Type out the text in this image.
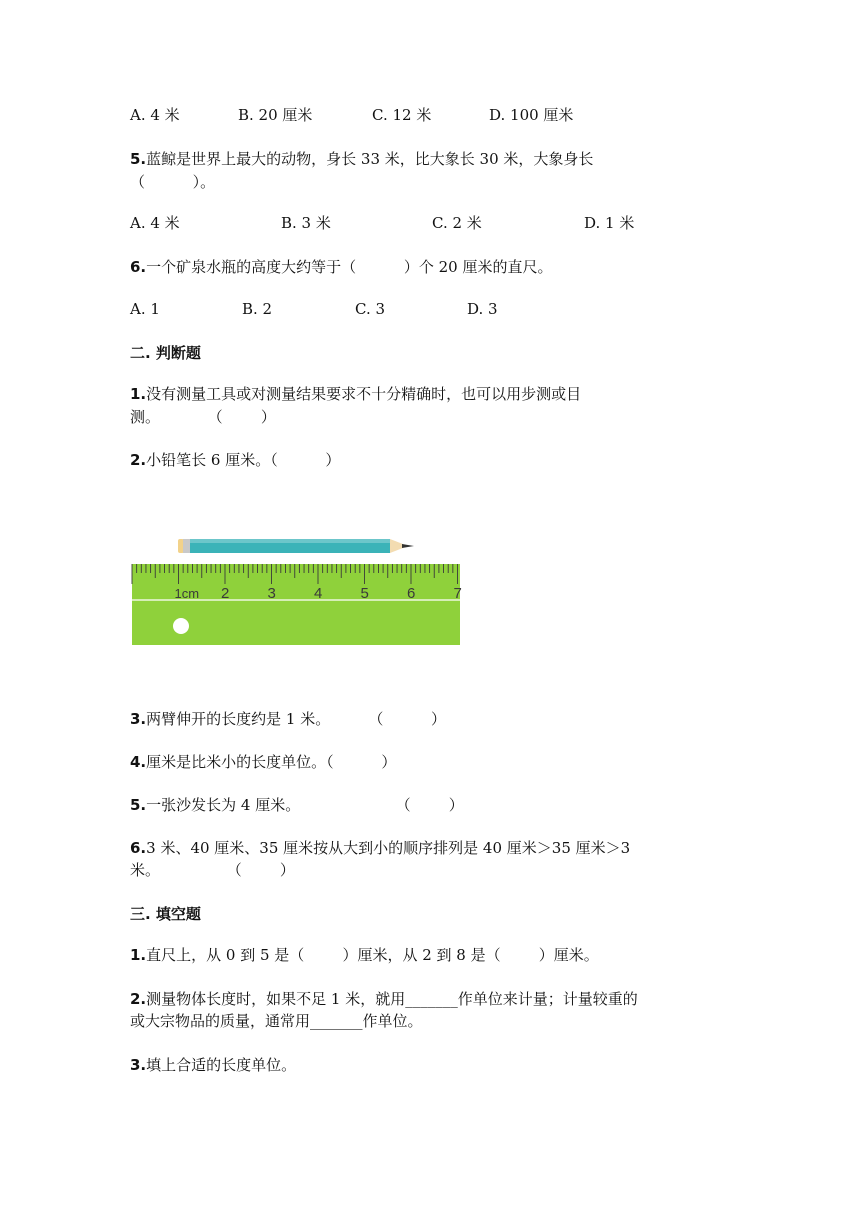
A. 4 米	B. 20 厘米	C. 12 米	D. 100 厘米
5.蓝鲸是世界上最大的动物，身长 33 米，比大象长 30 米，大象身长
（          ）。
A. 4 米	B. 3 米	C. 2 米	D. 1 米
6.一个矿泉水瓶的高度大约等于（          ）个 20 厘米的直尺。
A. 1	B. 2	C. 3	D. 3
二. 判断题
1.没有测量工具或对测量结果要求不十分精确时，也可以用步测或目
测。          （        ）
2.小铅笔长 6 厘米。（          ）
1cm 2	3	4	5	6	7
3.两臂伸开的长度约是 1 米。        （          ）
4.厘米是比米小的长度单位。（          ）
5.一张沙发长为 4 厘米。                    （        ）
6.3 米、40 厘米、35 厘米按从大到小的顺序排列是 40 厘米＞35 厘米＞3
米。              （        ）
三. 填空题
1.直尺上，从 0 到 5 是（        ）厘米，从 2 到 8 是（        ）厘米。
2.测量物体长度时，如果不足 1 米，就用_______作单位来计量；计量较重的
或大宗物品的质量，通常用_______作单位。
3.填上合适的长度单位。
